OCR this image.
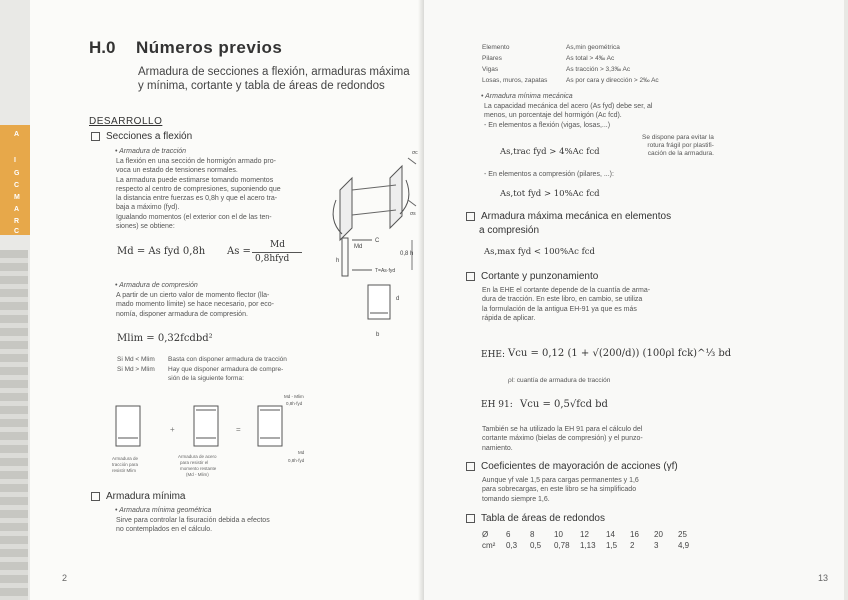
A
I
G
C
M
A
R
C
H.0 Números previos
Armadura de secciones a flexión, armaduras máxima
y mínima, cortante y tabla de áreas de redondos
DESARROLLO
Secciones a flexión
• Armadura de tracción
La flexión en una sección de hormigón armado pro-
voca un estado de tensiones normales.
La armadura puede estimarse tomando momentos
respecto al centro de compresiones, suponiendo que
la distancia entre fuerzas es 0,8h y que el acero tra-
baja a máximo (fyd).
Igualando momentos (el exterior con el de las ten-
siones) se obtiene:
Md = As fyd 0,8h As =
Md
0,8hfyd
• Armadura de compresión
A partir de un cierto valor de momento flector (lla-
mado momento límite) se hace necesario, por eco-
nomía, disponer armadura de compresión.
Mlim = 0,32fcdbd²
Si Md < Mlim Basta con disponer armadura de tracción
Si Md > Mlim Hay que disponer armadura de compre-
sión de la siguiente forma:
Md
σc
σs
h
C
T=As·fyd
0,8 h
d
b
+	=
Md - Mlim
0,8h·fyd
Md
0,8h·fyd
Armadura de
tracción para
resistir Mlim
Armadura de acero
para resistir el
momento restante
(Md - Mlim)
Armadura mínima
• Armadura mínima geométrica
Sirve para controlar la fisuración debida a efectos
no contemplados en el cálculo.
2
Elemento	As,min geométrica
Pilares	As total > 4‰ Ac
Vigas	As tracción > 3,3‰ Ac
Losas, muros, zapatas	As por cara y dirección > 2‰ Ac
• Armadura mínima mecánica
La capacidad mecánica del acero (As fyd) debe ser, al
menos, un porcentaje del hormigón (Ac fcd).
- En elementos a flexión (vigas, losas,...)
As,trac fyd > 4%Ac fcd
Se dispone para evitar la
rotura frágil por plastifi-
cación de la armadura.
- En elementos a compresión (pilares, ...):
As,tot fyd > 10%Ac fcd
Armadura máxima mecánica en elementos
a compresión
As,max fyd < 100%Ac fcd
Cortante y punzonamiento
En la EHE el cortante depende de la cuantía de arma-
dura de tracción. En este libro, en cambio, se utiliza
la formulación de la antigua EH-91 ya que es más
rápida de aplicar.
EHE: Vcu = 0,12 (1 + √(200/d)) (100ρl fck)^⅓ bd
ρl: cuantía de armadura de tracción
EH 91: Vcu = 0,5√fcd bd
También se ha utilizado la EH 91 para el cálculo del
cortante máximo (bielas de compresión) y el punzo-
namiento.
Coeficientes de mayoración de acciones (γf)
Aunque γf vale 1,5 para cargas permanentes y 1,6
para sobrecargas, en este libro se ha simplificado
tomando siempre 1,6.
Tabla de áreas de redondos
Ø 6 8 10 12 14 16 20 25
cm² 0,3 0,5 0,78 1,13 1,5 2 3 4,9
13
